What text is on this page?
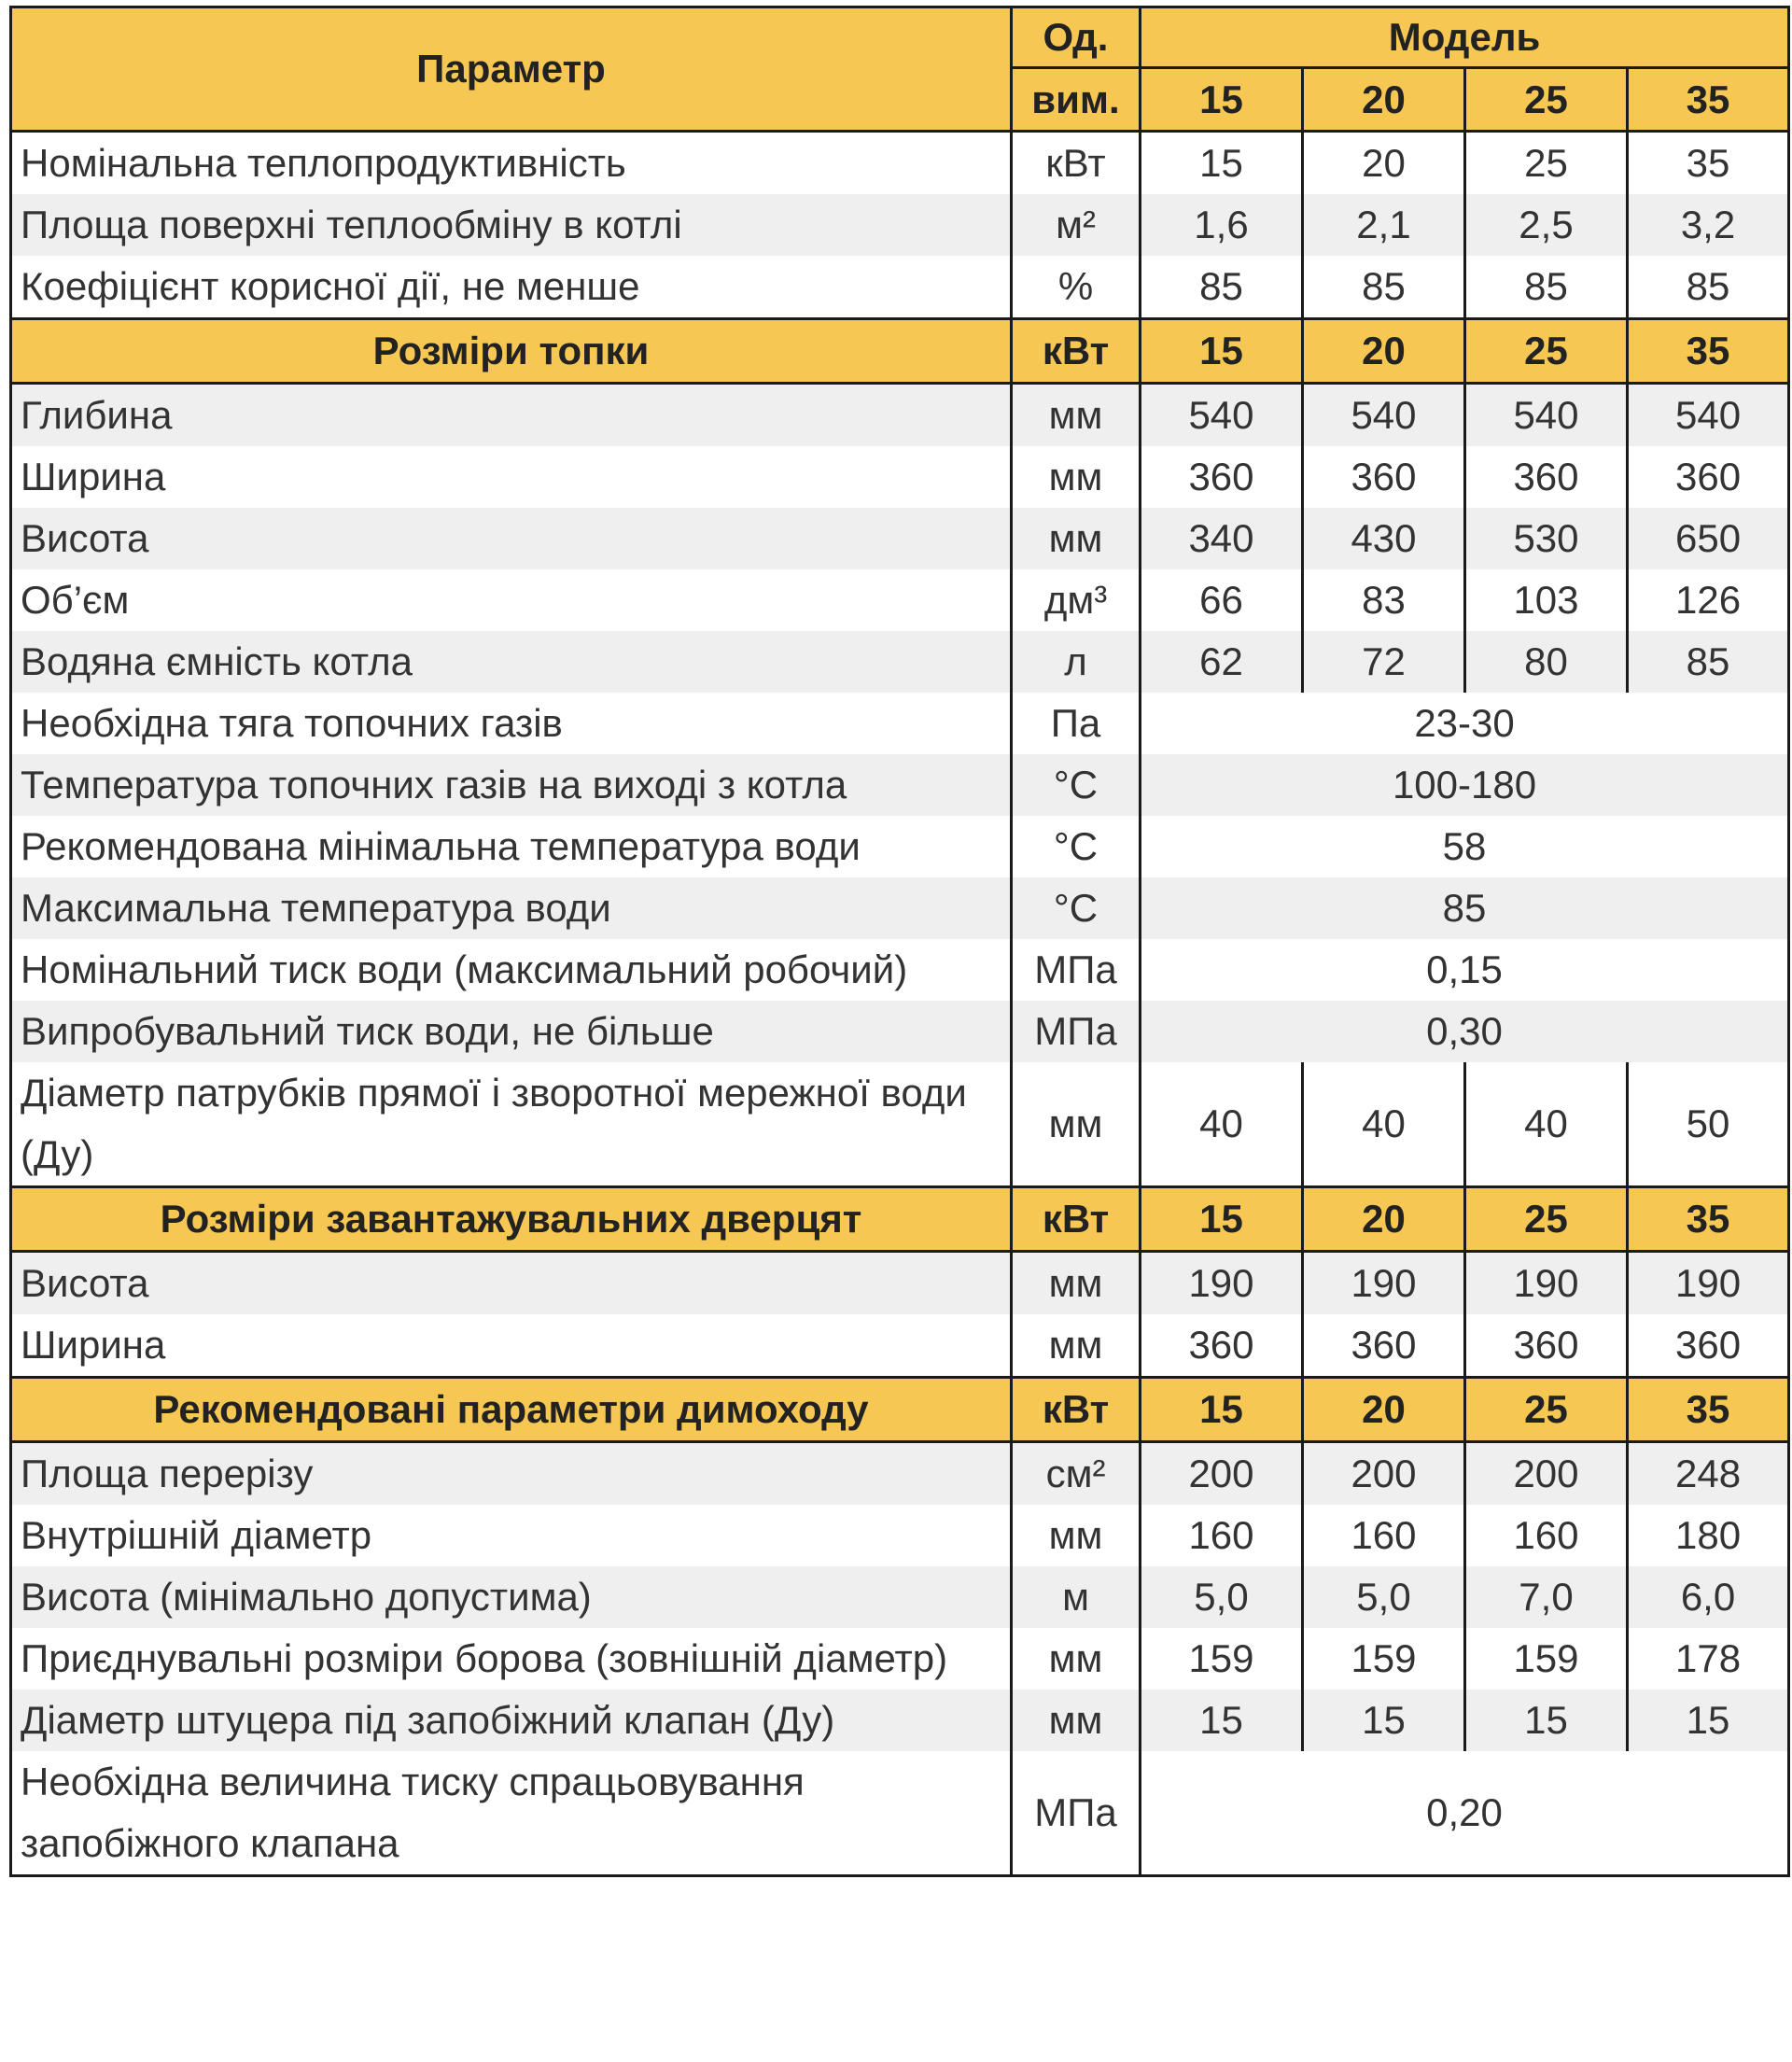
Параметр	Од.	Модель			
	вим.	15	20	25	35
Номінальна теплопродуктивність	кВт	15	20	25	35
Площа поверхні теплообміну в котлі	м²	1,6	2,1	2,5	3,2
Коефіцієнт корисної дії, не менше	%	85	85	85	85
Розміри топки	кВт	15	20	25	35
Глибина	мм	540	540	540	540
Ширина	мм	360	360	360	360
Висота	мм	340	430	530	650
Об’єм	дм³	66	83	103	126
Водяна ємність котла	л	62	72	80	85
Необхідна тяга топочних газів	Па	23-30			
Температура топочних газів на виході з котла	°С	100-180			
Рекомендована мінімальна температура води	°С	58			
Максимальна температура води	°С	85			
Номінальний тиск води (максимальний робочий)	МПа	0,15			
Випробувальний тиск води, не більше	МПа	0,30			
Діаметр патрубків прямої і зворотної мережної води (Ду)	мм	40	40	40	50
Розміри завантажувальних дверцят	кВт	15	20	25	35
Висота	мм	190	190	190	190
Ширина	мм	360	360	360	360
Рекомендовані параметри димоходу	кВт	15	20	25	35
Площа перерізу	см²	200	200	200	248
Внутрішній діаметр	мм	160	160	160	180
Висота (мінімально допустима)	м	5,0	5,0	7,0	6,0
Приєднувальні розміри борова (зовнішній діаметр)	мм	159	159	159	178
Діаметр штуцера під запобіжний клапан (Ду)	мм	15	15	15	15
Необхідна величина тиску спрацьовування запобіжного клапана	МПа	0,20			
